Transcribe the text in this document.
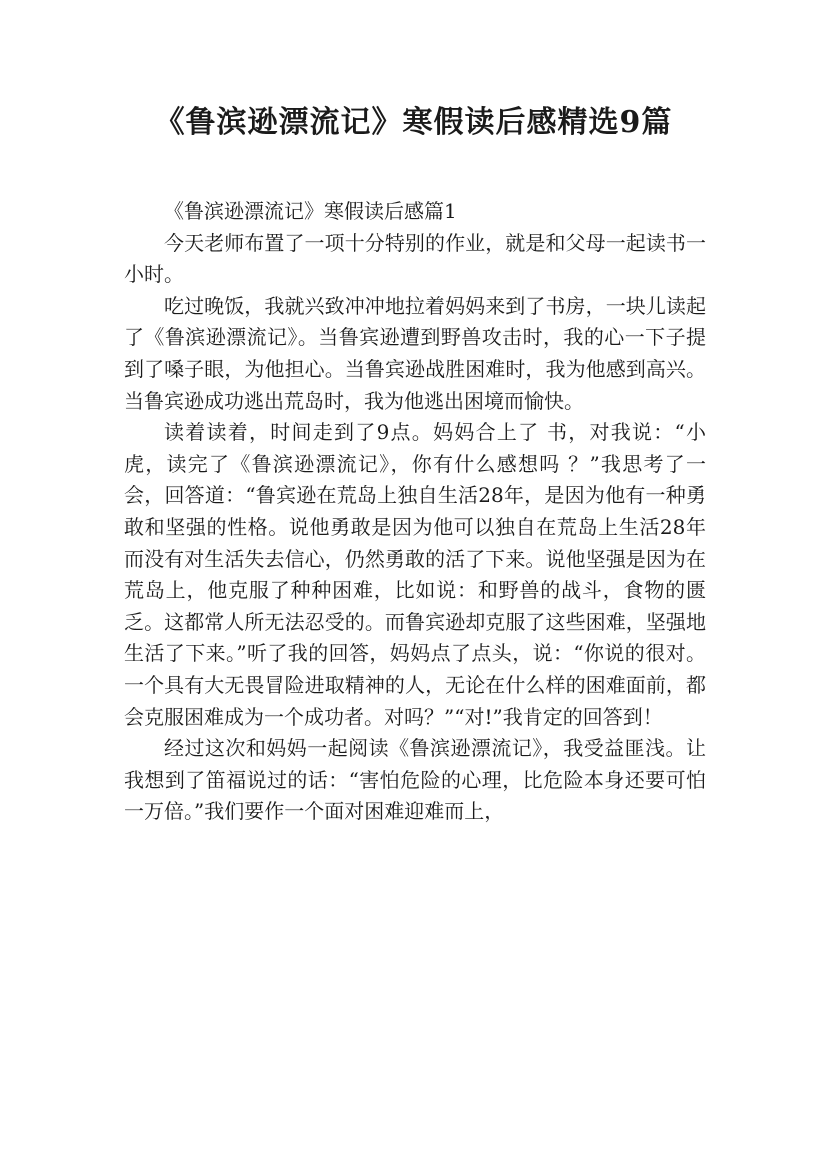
《鲁滨逊漂流记》寒假读后感精选9篇

《鲁滨逊漂流记》寒假读后感篇1

今天老师布置了一项十分特别的作业，就是和父母一起读书一小时。

吃过晚饭，我就兴致冲冲地拉着妈妈来到了书房，一块儿读起了《鲁滨逊漂流记》。当鲁宾逊遭到野兽攻击时，我的心一下子提到了嗓子眼，为他担心。当鲁宾逊战胜困难时，我为他感到高兴。当鲁宾逊成功逃出荒岛时，我为他逃出困境而愉快。

读着读着，时间走到了9点。妈妈合上了 书，对我说：“小虎，读完了《鲁滨逊漂流记》，你有什么感想吗 ？”我思考了一会，回答道：“鲁宾逊在荒岛上独自生活28年，是因为他有一种勇敢和坚强的性格。说他勇敢是因为他可以独自在荒岛上生活28年而没有对生活失去信心，仍然勇敢的活了下来。说他坚强是因为在荒岛上，他克服了种种困难，比如说：和野兽的战斗，食物的匮乏。这都常人所无法忍受的。而鲁宾逊却克服了这些困难，坚强地生活了下来。”听了我的回答，妈妈点了点头，说：“你说的很对。一个具有大无畏冒险进取精神的人，无论在什么样的困难面前，都会克服困难成为一个成功者。对吗？”“对!”我肯定的回答到！

经过这次和妈妈一起阅读《鲁滨逊漂流记》，我受益匪浅。让我想到了笛福说过的话：“害怕危险的心理，比危险本身还要可怕一万倍。”我们要作一个面对困难迎难而上，
